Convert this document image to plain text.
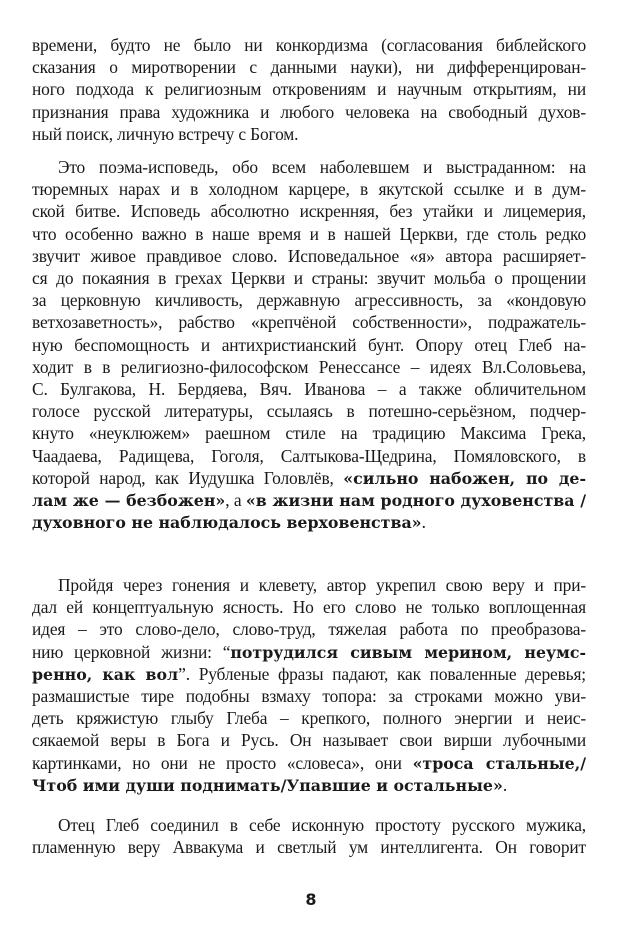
времени, будто не было ни конкордизма (согласования библейского
сказания о миротворении с данными науки), ни дифференцирован-
ного подхода к религиозным откровениям и научным открытиям, ни
признания права художника и любого человека на свободный духов-
ный поиск, личную встречу с Богом.
Это поэма-исповедь, обо всем наболевшем и выстраданном: на
тюремных нарах и в холодном карцере, в якутской ссылке и в дум-
ской битве. Исповедь абсолютно искренняя, без утайки и лицемерия,
что особенно важно в наше время и в нашей Церкви, где столь редко
звучит живое правдивое слово. Исповедальное «я» автора расширяет-
ся до покаяния в грехах Церкви и страны: звучит мольба о прощении
за церковную кичливость, державную агрессивность, за «кондовую
ветхозаветность», рабство «крепчёной собственности», подражатель-
ную беспомощность и антихристианский бунт. Опору отец Глеб на-
ходит в в религиозно-философском Ренессансе – идеях Вл.Соловьева,
С. Булгакова, Н. Бердяева, Вяч. Иванова – а также обличительном
голосе русской литературы, ссылаясь в потешно-серьёзном, подчер-
кнуто «неуклюжем» раешном стиле на традицию Максима Грека,
Чаадаева, Радищева, Гоголя, Салтыкова-Щедрина, Помяловского, в
которой народ, как Иудушка Головлёв, «сильно набожен, по де-
лам же — безбожен», а «в жизни нам родного духовенства /
духовного не наблюдалось верховенства».
Пройдя через гонения и клевету, автор укрепил свою веру и при-
дал ей концептуальную ясность. Но его слово не только воплощенная
идея – это слово-дело, слово-труд, тяжелая работа по преобразова-
нию церковной жизни: “потрудился сивым мерином, неумс-
ренно, как вол”. Рубленые фразы падают, как поваленные деревья;
размашистые тире подобны взмаху топора: за строками можно уви-
деть кряжистую глыбу Глеба – крепкого, полного энергии и неис-
сякаемой веры в Бога и Русь. Он называет свои вирши лубочными
картинками, но они не просто «словеса», они «троса стальные,/
Чтоб ими души поднимать/Упавшие и остальные».
Отец Глеб соединил в себе исконную простоту русского мужика,
пламенную веру Аввакума и светлый ум интеллигента. Он говорит
8
